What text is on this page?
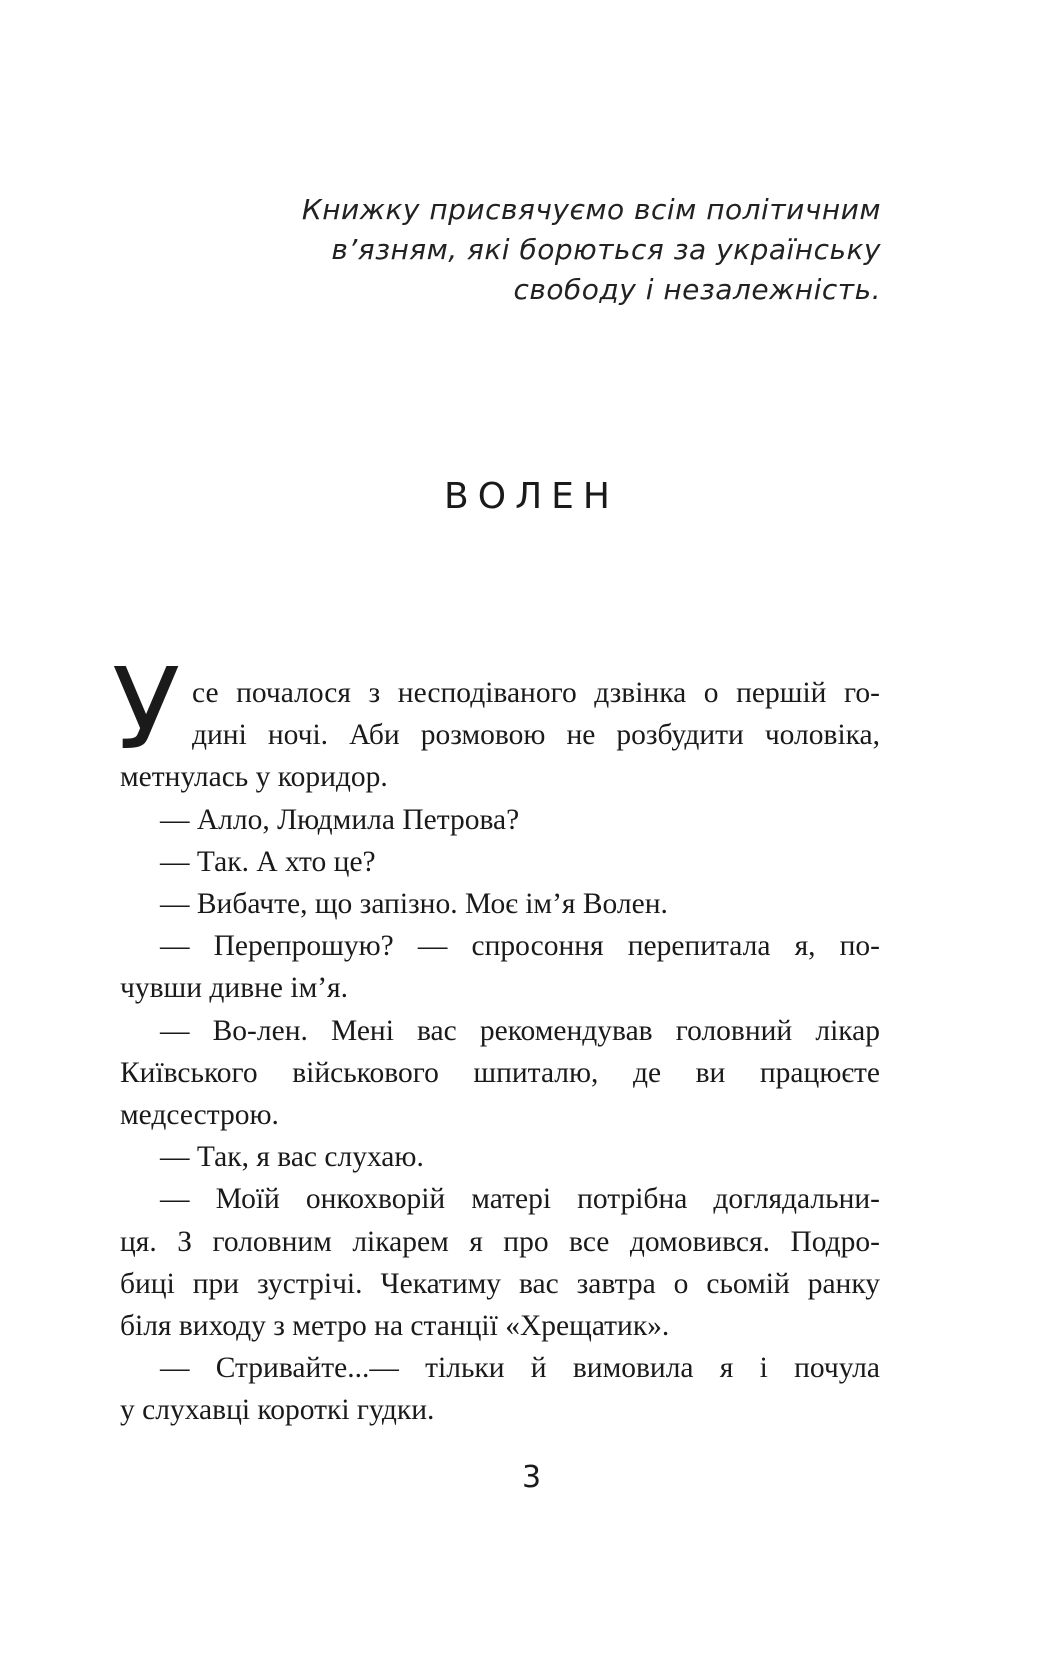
Книжку присвячуємо всім політичним
в’язням, які борються за українську
свободу і незалежність.
ВОЛЕН
У се почалося з несподіваного дзвінка о першій го-
дині ночі. Аби розмовою не розбудити чоловіка,
метнулась у коридор.
— Алло, Людмила Петрова?
— Так. А хто це?
— Вибачте, що запізно. Моє ім’я Волен.
— Перепрошую? — спросоння перепитала я, по-
чувши дивне ім’я.
— Во-лен. Мені вас рекомендував головний лікар
Київського військового шпиталю, де ви працюєте
медсестрою.
— Так, я вас слухаю.
— Моїй онкохворій матері потрібна доглядальни-
ця. З головним лікарем я про все домовився. Подро-
биці при зустрічі. Чекатиму вас завтра о сьомій ранку
біля виходу з метро на станції «Хрещатик».
— Стривайте...— тільки й вимовила я і почула
у слухавці короткі гудки.
3
